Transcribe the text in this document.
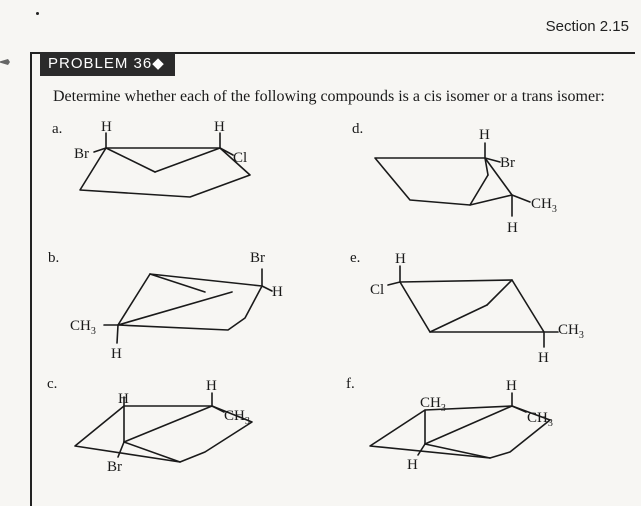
Section 2.15
PROBLEM 36◆
Determine whether each of the following compounds is a cis isomer or a trans isomer:
a.	H
Br
H
Cl
b.	Br
H
$CH_3$
H
c.
H
H
$CH_3$
Br
d.	H
Br
$CH_3$
H
e. H
Cl
$CH_3$
H
f.	H
$CH_3$
$CH_3$
H
